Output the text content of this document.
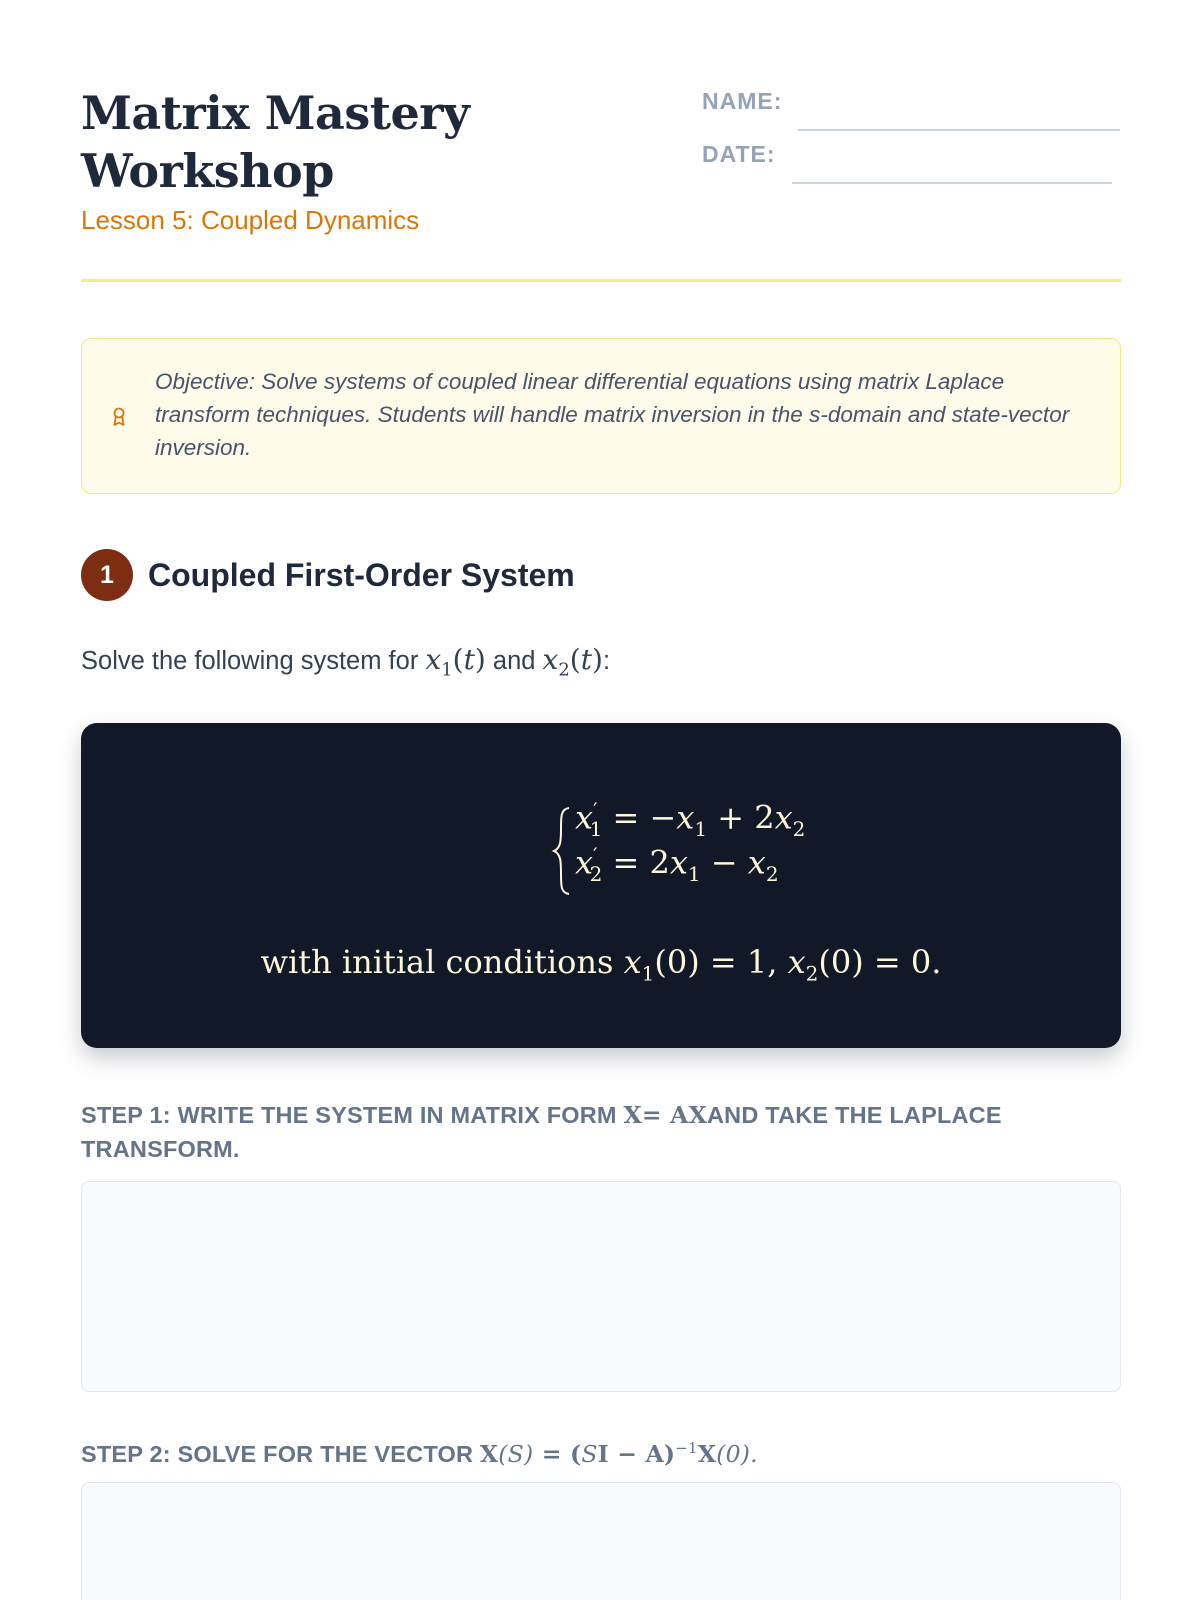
Matrix Mastery Workshop
Lesson 5: Coupled Dynamics
NAME:
DATE:
Objective: Solve systems of coupled linear differential equations using matrix Laplace transform techniques. Students will handle matrix inversion in the s-domain and state-vector inversion.
1	Coupled First-Order System
Solve the following system for $x_1(t)$ and $x_2(t)$:
$x'_1 = -x_1 + 2x_2$
$x'_2 = 2x_1 - x_2$
with initial conditions $x_1(0) = 1$, $x_2(0) = 0$.
STEP 1: WRITE THE SYSTEM IN MATRIX FORM X= AXAND TAKE THE LAPLACE TRANSFORM.
STEP 2: SOLVE FOR THE VECTOR X(S) = (SI − A)$^{-1}$X(0).
